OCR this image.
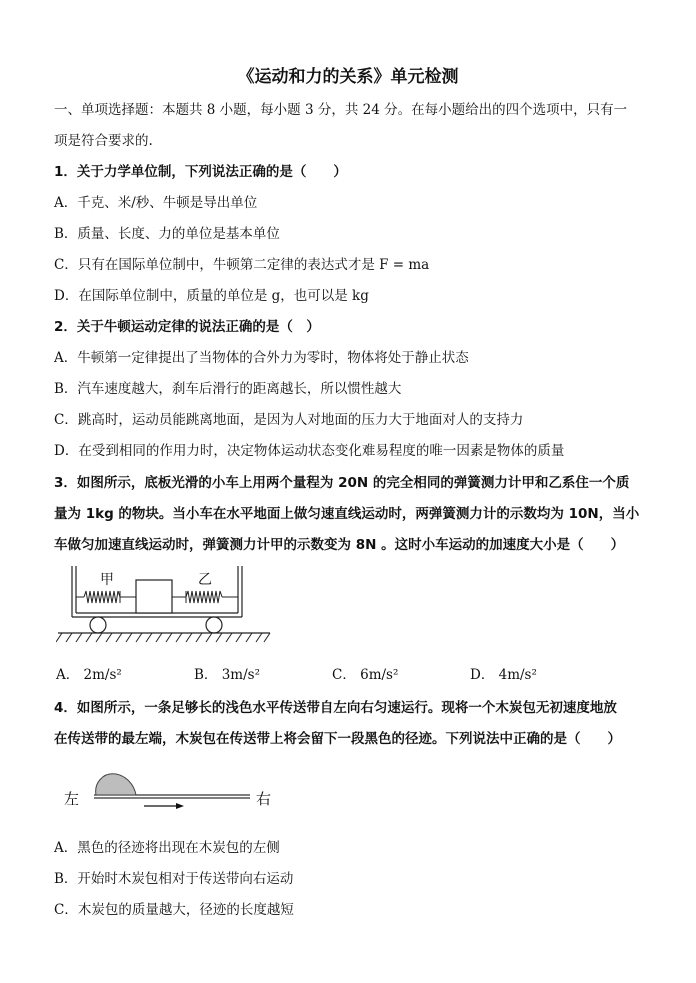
《运动和力的关系》单元检测
一、单项选择题：本题共 8 小题，每小题 3 分，共 24 分。在每小题给出的四个选项中，只有一
项是符合要求的.
1．关于力学单位制，下列说法正确的是（　　）
A．千克、米/秒、牛顿是导出单位
B．质量、长度、力的单位是基本单位
C．只有在国际单位制中，牛顿第二定律的表达式才是 F = ma
D．在国际单位制中，质量的单位是 g，也可以是 kg
2．关于牛顿运动定律的说法正确的是（　）
A．牛顿第一定律提出了当物体的合外力为零时，物体将处于静止状态
B．汽车速度越大，刹车后滑行的距离越长，所以惯性越大
C．跳高时，运动员能跳离地面，是因为人对地面的压力大于地面对人的支持力
D．在受到相同的作用力时，决定物体运动状态变化难易程度的唯一因素是物体的质量
3．如图所示，底板光滑的小车上用两个量程为 20N 的完全相同的弹簧测力计甲和乙系住一个质
量为 1kg 的物块。当小车在水平地面上做匀速直线运动时，两弹簧测力计的示数均为 10N，当小
车做匀加速直线运动时，弹簧测力计甲的示数变为 8N 。这时小车运动的加速度大小是（　　）
甲	乙
A． 2m/s²	B． 3m/s²	C． 6m/s²	D． 4m/s²
4．如图所示，一条足够长的浅色水平传送带自左向右匀速运行。现将一个木炭包无初速度地放
在传送带的最左端，木炭包在传送带上将会留下一段黑色的径迹。下列说法中正确的是（　　）
左	右
A．黑色的径迹将出现在木炭包的左侧
B．开始时木炭包相对于传送带向右运动
C．木炭包的质量越大，径迹的长度越短
